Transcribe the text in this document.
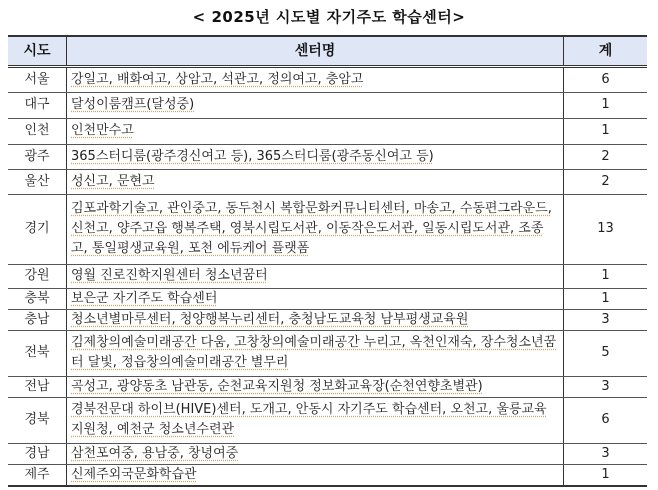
< 2025년 시도별 자기주도 학습센터>
시도	센터명	계
서울	강일고, 배화여고, 상암고, 석관고, 정의여고, 충암고	6
대구	달성이룸캠프(달성중)	1
인천	인천만수고	1
광주	365스터디룸(광주경신여고 등), 365스터디룸(광주동신여고 등)	2
울산	성신고, 문현고	2
경기	김포과학기술고, 관인중고, 동두천시 복합문화커뮤니티센터, 마송고, 수동편그라운드, 신천고, 양주고읍 행복주택, 영북시립도서관, 이동작은도서관, 일동시립도서관, 조종고, 통일평생교육원, 포천 에듀케어 플랫폼	13
강원	영월 진로진학지원센터 청소년꿈터	1
충북	보은군 자기주도 학습센터	1
충남	청소년별마루센터, 청양행복누리센터, 충청남도교육청 남부평생교육원	3
전북	김제창의예술미래공간 다움, 고창창의예술미래공간 누리고, 옥천인재숙, 장수청소년꿈터 달빛, 정읍창의예술미래공간 별무리	5
전남	곡성고, 광양동초 남관동, 순천교육지원청 정보화교육장(순천연향초별관)	3
경북	경북전문대 하이브(HIVE)센터, 도개고, 안동시 자기주도 학습센터, 오천고, 울릉교육지원청, 예천군 청소년수련관	6
경남	삼천포여중, 용남중, 창녕여중	3
제주	신제주외국문화학습관	1
